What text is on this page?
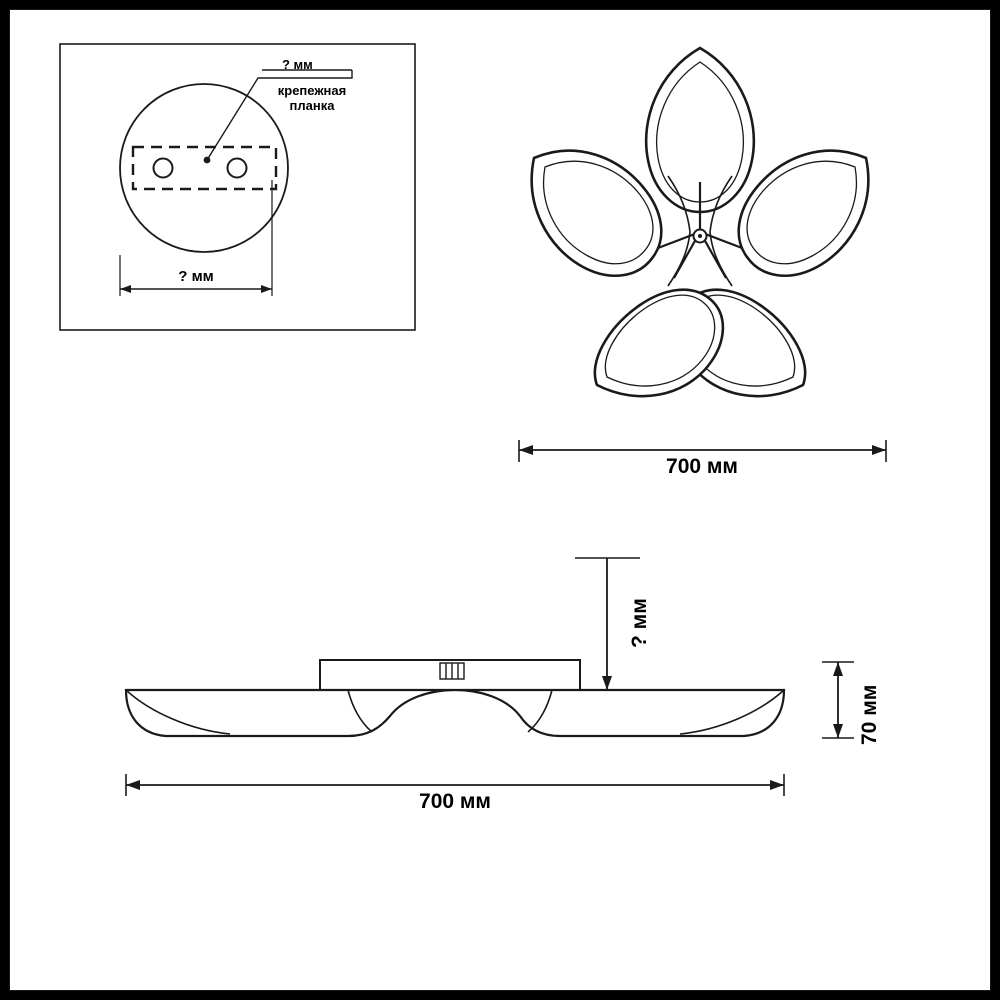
? мм
крепежная
планка
? мм
700 мм
? мм
70 мм
700 мм
